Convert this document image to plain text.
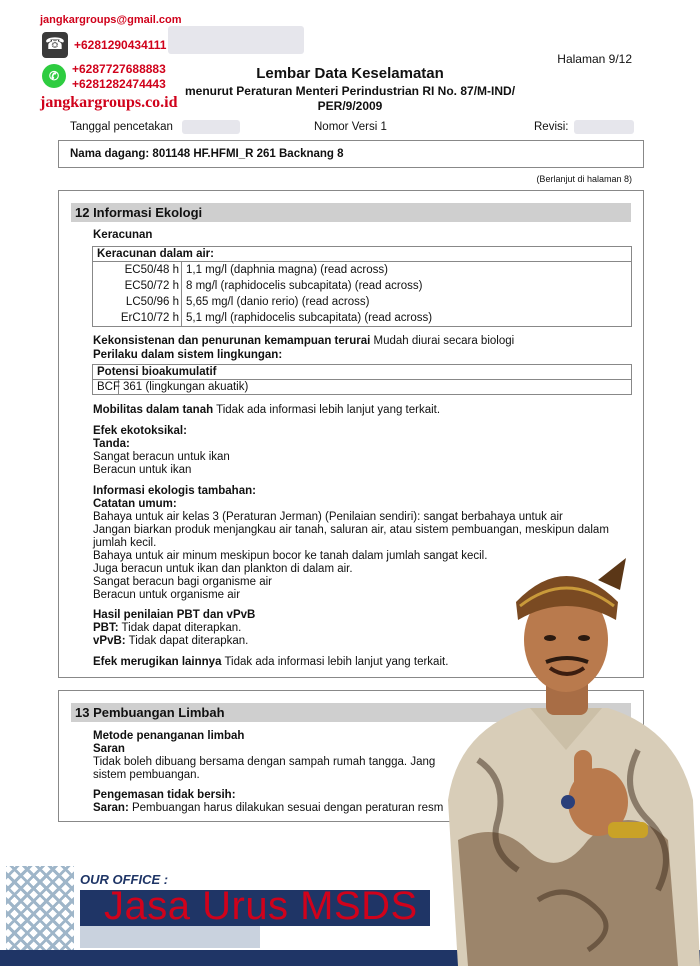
jangkargroups@gmail.com
☎ +6281290434111
✆	+6287727688883
+6281282474443
jangkargroups.co.id
Halaman 9/12
Lembar Data Keselamatan
menurut Peraturan Menteri Perindustrian RI No. 87/M-IND/
PER/9/2009
Tanggal pencetakan	Nomor Versi 1	Revisi:
Nama dagang: 801148 HF.HFMI_R 261 Backnang 8
(Berlanjut di halaman 8)
12 Informasi Ekologi
Keracunan
Keracunan dalam air:
EC50/48 h 1,1 mg/l (daphnia magna) (read across)
EC50/72 h 8 mg/l (raphidocelis subcapitata) (read across)
LC50/96 h 5,65 mg/l (danio rerio) (read across)
ErC10/72 h 5,1 mg/l (raphidocelis subcapitata) (read across)
Kekonsistenan dan penurunan kemampuan terurai Mudah diurai secara biologi
Perilaku dalam sistem lingkungan:
Potensi bioakumulatif
BCF 361 (lingkungan akuatik)
Mobilitas dalam tanah Tidak ada informasi lebih lanjut yang terkait.
Efek ekotoksikal:
Tanda:
Sangat beracun untuk ikan
Beracun untuk ikan
Informasi ekologis tambahan:
Catatan umum:
Bahaya untuk air kelas 3 (Peraturan Jerman) (Penilaian sendiri): sangat berbahaya untuk air
Jangan biarkan produk menjangkau air tanah, saluran air, atau sistem pembuangan, meskipun dalam
jumlah kecil.
Bahaya untuk air minum meskipun bocor ke tanah dalam jumlah sangat kecil.
Juga beracun untuk ikan dan plankton di dalam air.
Sangat beracun bagi organisme air
Beracun untuk organisme air
Hasil penilaian PBT dan vPvB
PBT: Tidak dapat diterapkan.
vPvB: Tidak dapat diterapkan.
Efek merugikan lainnya Tidak ada informasi lebih lanjut yang terkait.
13 Pembuangan Limbah
Metode penanganan limbah
Saran
Tidak boleh dibuang bersama dengan sampah rumah tangga. Jang
sistem pembuangan.
Pengemasan tidak bersih:
Saran: Pembuangan harus dilakukan sesuai dengan peraturan resm
OUR OFFICE :
Jasa Urus MSDS
